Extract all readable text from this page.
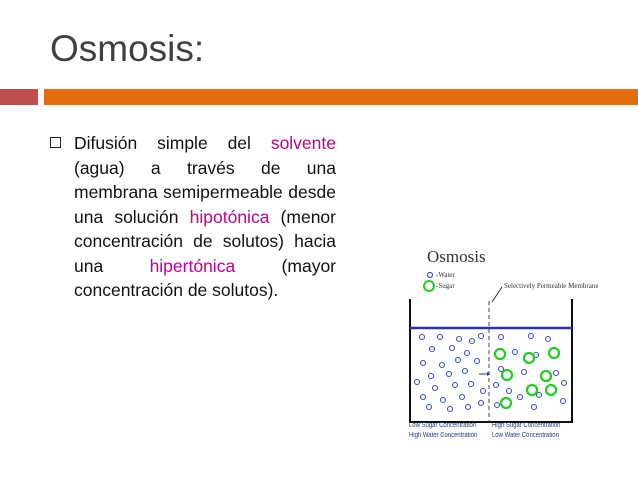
Osmosis:

Difusión simple del solvente (agua) a través de una membrana semipermeable desde una solución hipotónica (menor concentración de solutos) hacia una hipertónica (mayor concentración de solutos).

Osmosis
-Water
-Sugar	Selectively Permeable Membrane
Low Sugar Concentration
High Water Concentration
High Sugar Concentration
Low Water Concentration
